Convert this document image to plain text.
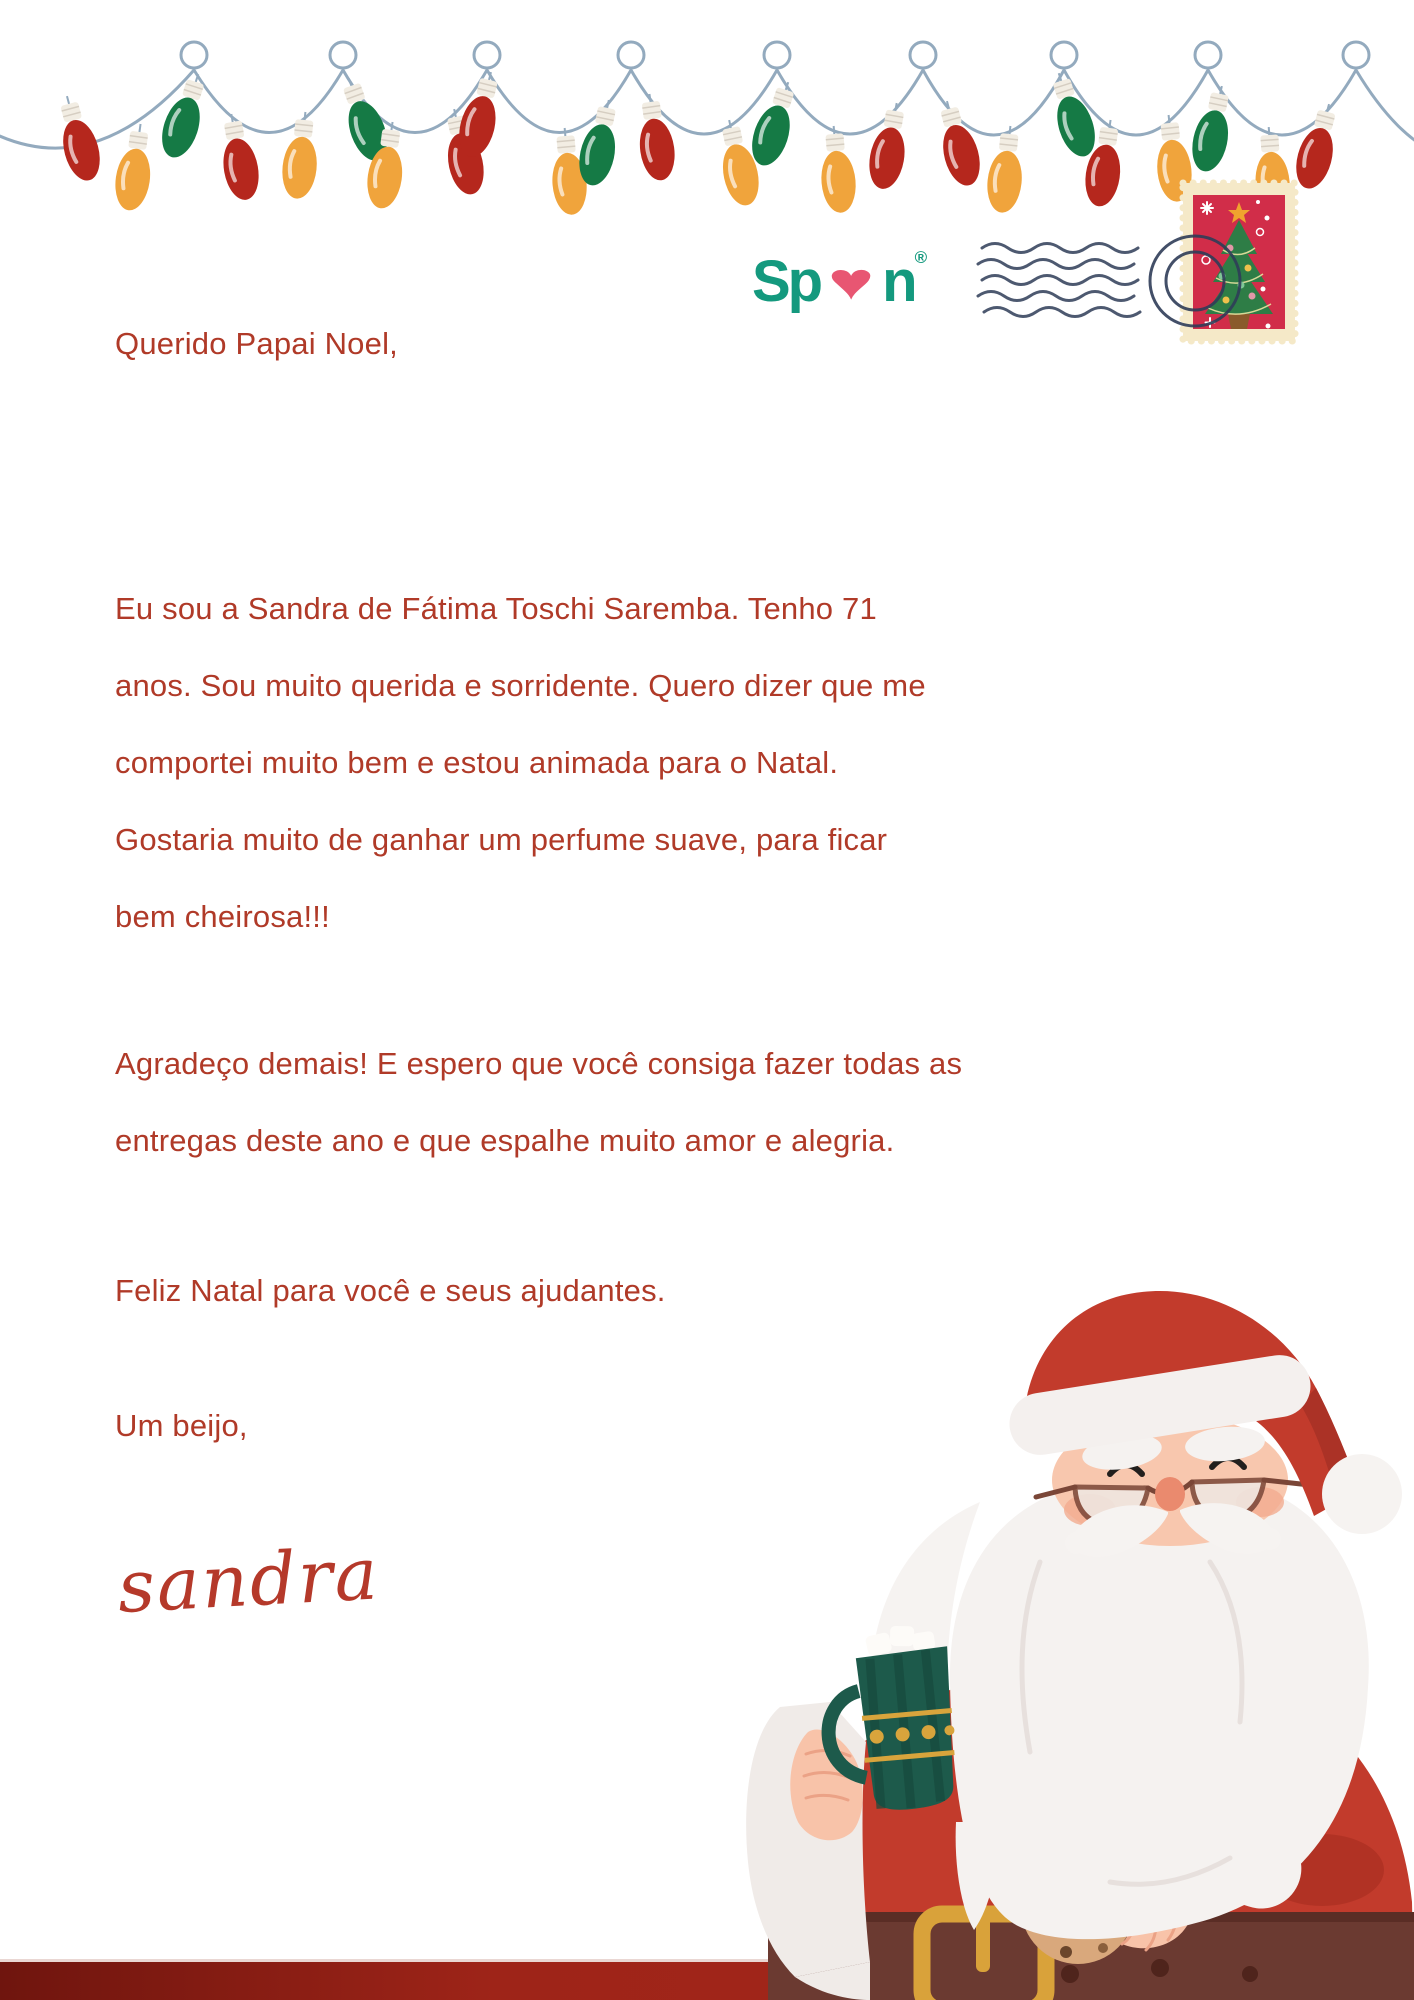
Sp ♥ n ®
Querido Papai Noel,
Eu sou a Sandra de Fátima Toschi Saremba. Tenho 71
anos. Sou muito querida e sorridente. Quero dizer que me
comportei muito bem e estou animada para o Natal.
Gostaria muito de ganhar um perfume suave, para ficar
bem cheirosa!!!
Agradeço demais! E espero que você consiga fazer todas as
entregas deste ano e que espalhe muito amor e alegria.
Feliz Natal para você e seus ajudantes.
Um beijo,
sandra
